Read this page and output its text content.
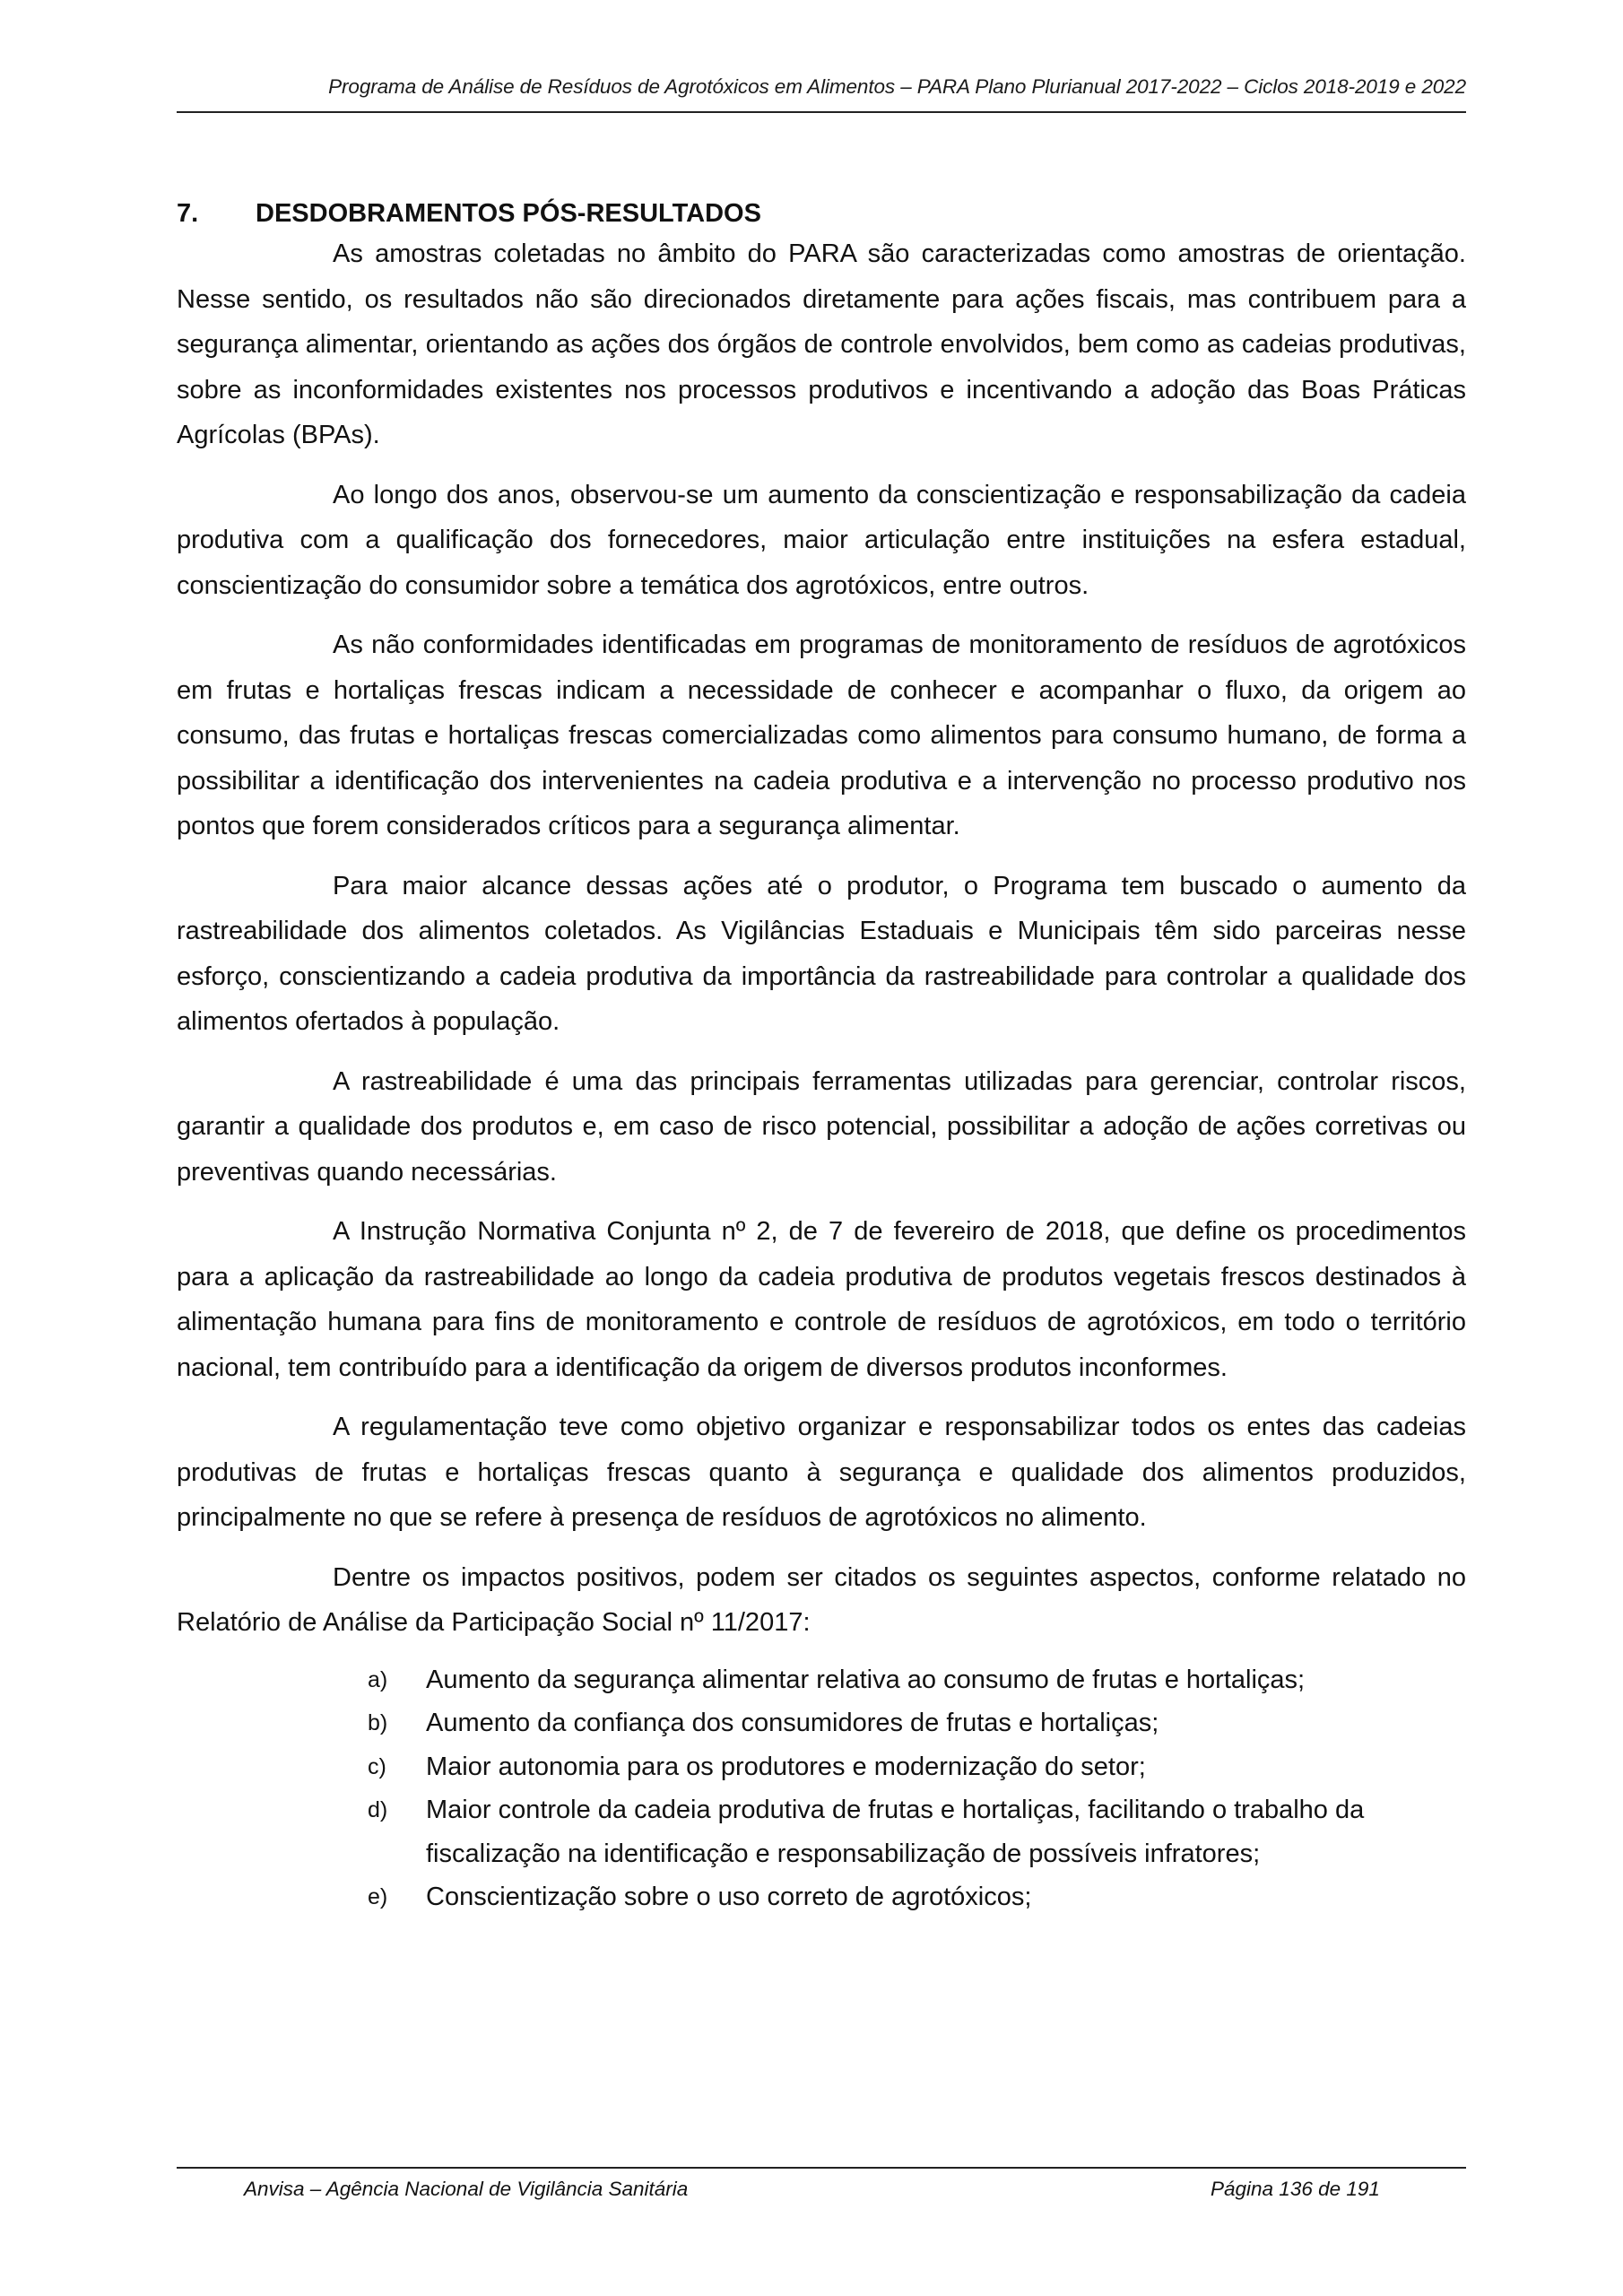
Programa de Análise de Resíduos de Agrotóxicos em Alimentos – PARA Plano Plurianual 2017-2022 – Ciclos 2018-2019 e 2022
7.	DESDOBRAMENTOS PÓS-RESULTADOS

As amostras coletadas no âmbito do PARA são caracterizadas como amostras de orientação. Nesse sentido, os resultados não são direcionados diretamente para ações fiscais, mas contribuem para a segurança alimentar, orientando as ações dos órgãos de controle envolvidos, bem como as cadeias produtivas, sobre as inconformidades existentes nos processos produtivos e incentivando a adoção das Boas Práticas Agrícolas (BPAs).

Ao longo dos anos, observou-se um aumento da conscientização e responsabilização da cadeia produtiva com a qualificação dos fornecedores, maior articulação entre instituições na esfera estadual, conscientização do consumidor sobre a temática dos agrotóxicos, entre outros.

As não conformidades identificadas em programas de monitoramento de resíduos de agrotóxicos em frutas e hortaliças frescas indicam a necessidade de conhecer e acompanhar o fluxo, da origem ao consumo, das frutas e hortaliças frescas comercializadas como alimentos para consumo humano, de forma a possibilitar a identificação dos intervenientes na cadeia produtiva e a intervenção no processo produtivo nos pontos que forem considerados críticos para a segurança alimentar.

Para maior alcance dessas ações até o produtor, o Programa tem buscado o aumento da rastreabilidade dos alimentos coletados. As Vigilâncias Estaduais e Municipais têm sido parceiras nesse esforço, conscientizando a cadeia produtiva da importância da rastreabilidade para controlar a qualidade dos alimentos ofertados à população.

A rastreabilidade é uma das principais ferramentas utilizadas para gerenciar, controlar riscos, garantir a qualidade dos produtos e, em caso de risco potencial, possibilitar a adoção de ações corretivas ou preventivas quando necessárias.

A Instrução Normativa Conjunta nº 2, de 7 de fevereiro de 2018, que define os procedimentos para a aplicação da rastreabilidade ao longo da cadeia produtiva de produtos vegetais frescos destinados à alimentação humana para fins de monitoramento e controle de resíduos de agrotóxicos, em todo o território nacional, tem contribuído para a identificação da origem de diversos produtos inconformes.

A regulamentação teve como objetivo organizar e responsabilizar todos os entes das cadeias produtivas de frutas e hortaliças frescas quanto à segurança e qualidade dos alimentos produzidos, principalmente no que se refere à presença de resíduos de agrotóxicos no alimento.

Dentre os impactos positivos, podem ser citados os seguintes aspectos, conforme relatado no Relatório de Análise da Participação Social nº 11/2017:

a)	Aumento da segurança alimentar relativa ao consumo de frutas e hortaliças;
b)	Aumento da confiança dos consumidores de frutas e hortaliças;
c)	Maior autonomia para os produtores e modernização do setor;
d)	Maior controle da cadeia produtiva de frutas e hortaliças, facilitando o trabalho da fiscalização na identificação e responsabilização de possíveis infratores;
e)	Conscientização sobre o uso correto de agrotóxicos;
Anvisa – Agência Nacional de Vigilância Sanitária	Página 136 de 191
